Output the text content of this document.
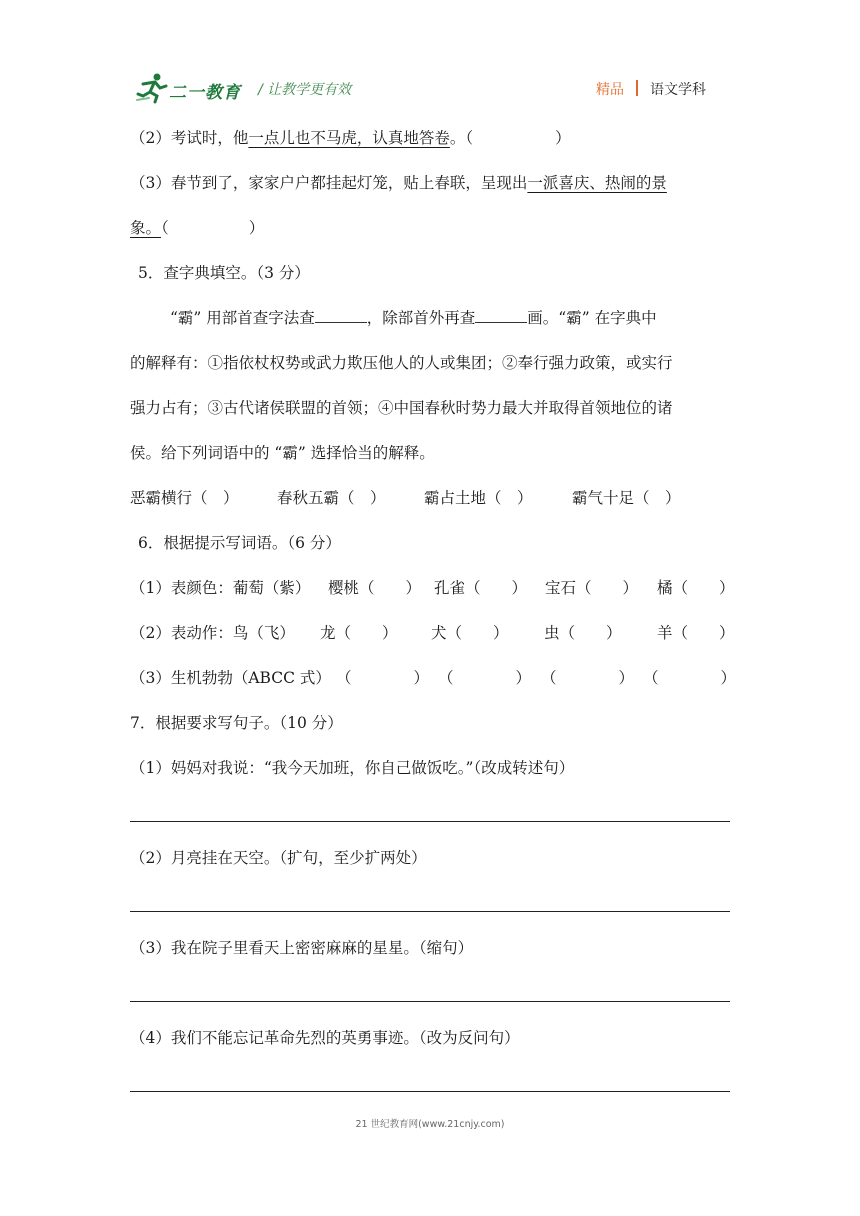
二一教育 / 让教学更有效	精品 语文学科
（2）考试时，他一点儿也不马虎，认真地答卷。（	）
（3）春节到了，家家户户都挂起灯笼，贴上春联，呈现出一派喜庆、热闹的景
象。（	）
5．查字典填空。（3 分）
“霸” 用部首查字法查	，除部首外再查	画。“霸” 在字典中
的解释有：①指依杖权势或武力欺压他人的人或集团；②奉行强力政策，或实行
强力占有；③古代诸侯联盟的首领；④中国春秋时势力最大并取得首领地位的诸
侯。给下列词语中的 “霸” 选择恰当的解释。
恶霸横行（　） 春秋五霸（　） 霸占土地（　）	霸气十足（　）
6．根据提示写词语。（6 分）
（1）表颜色：葡萄（紫） 樱桃（　　） 孔雀（　　） 宝石（　　） 橘（　　）
（2）表动作：鸟（飞） 龙（　　） 犬（　　） 虫（　　） 羊（　　）
（3）生机勃勃（ABCC 式） （　　　　） （　　　　） （　　　　） （　　　　）
7．根据要求写句子。（10 分）
（1）妈妈对我说：“我今天加班，你自己做饭吃。”（改成转述句）
（2）月亮挂在天空。（扩句，至少扩两处）
（3）我在院子里看天上密密麻麻的星星。（缩句）
（4）我们不能忘记革命先烈的英勇事迹。（改为反问句）
21 世纪教育网(www.21cnjy.com)
